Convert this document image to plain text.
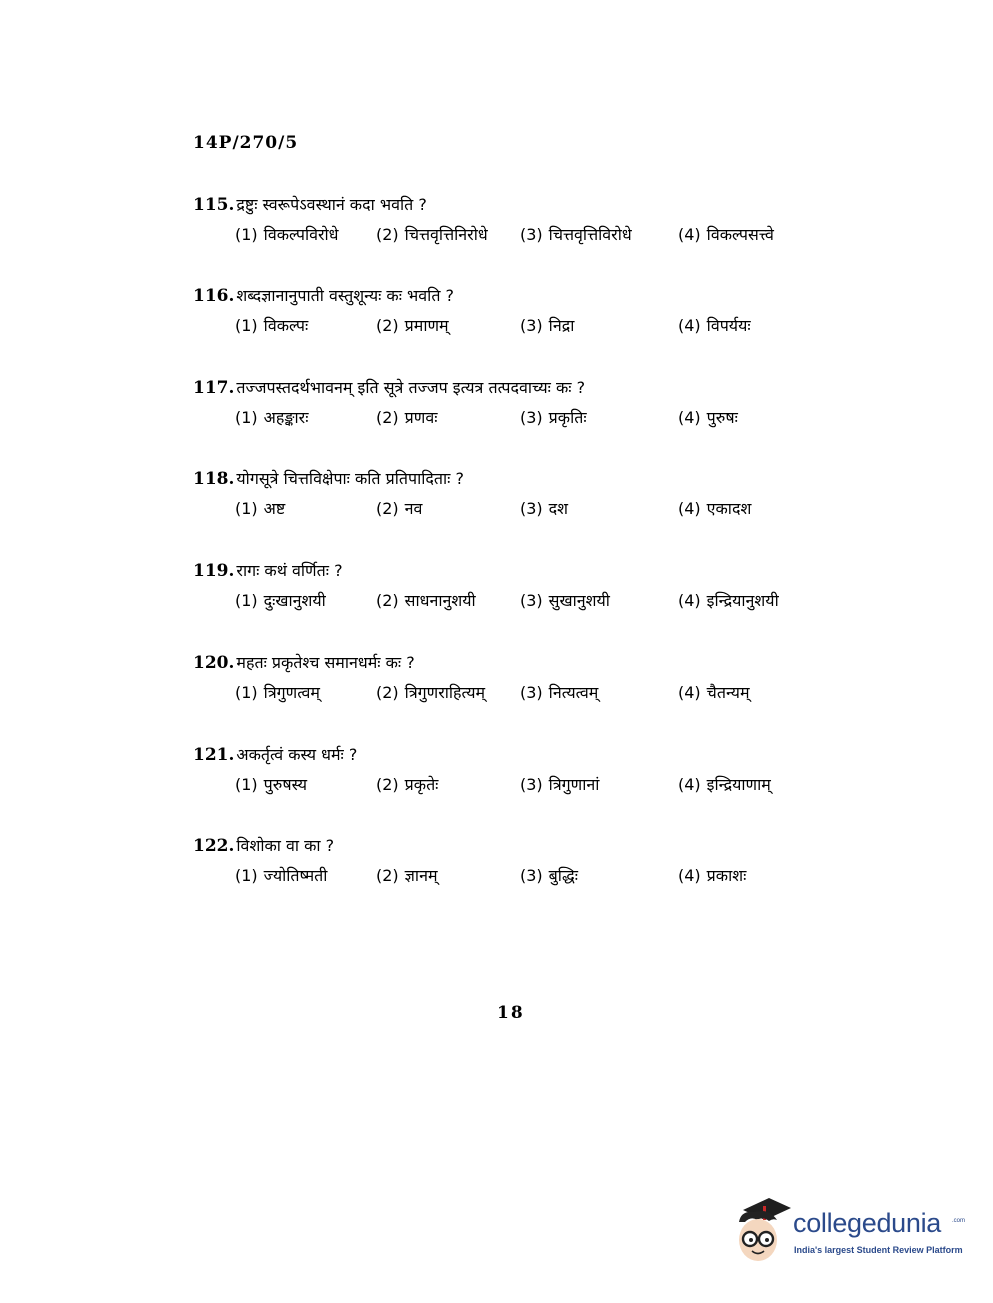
14P/270/5
115. द्रष्टुः स्वरूपेऽवस्थानं कदा भवति ?
(1) विकल्पविरोधे (2) चित्तवृत्तिनिरोधे (3) चित्तवृत्तिविरोधे	(4) विकल्पसत्त्वे
116. शब्दज्ञानानुपाती वस्तुशून्यः कः भवति ?
(1) विकल्पः	(2) प्रमाणम्	(3) निद्रा	(4) विपर्ययः
117. तज्जपस्तदर्थभावनम् इति सूत्रे तज्जप इत्यत्र तत्पदवाच्यः कः ?
(1) अहङ्कारः	(2) प्रणवः	(3) प्रकृतिः	(4) पुरुषः
118. योगसूत्रे चित्तविक्षेपाः कति प्रतिपादिताः ?
(1) अष्ट	(2) नव	(3) दश	(4) एकादश
119. रागः कथं वर्णितः ?
(1) दुःखानुशयी	(2) साधनानुशयी	(3) सुखानुशयी	(4) इन्द्रियानुशयी
120. महतः प्रकृतेश्च समानधर्मः कः ?
(1) त्रिगुणत्वम्	(2) त्रिगुणराहित्यम् (3) नित्यत्वम्	(4) चैतन्यम्
121. अकर्तृत्वं कस्य धर्मः ?
(1) पुरुषस्य	(2) प्रकृतेः	(3) त्रिगुणानां	(4) इन्द्रियाणाम्
122. विशोका वा का ?
(1) ज्योतिष्मती	(2) ज्ञानम्	(3) बुद्धिः	(4) प्रकाशः
18
collegedunia .com
India's largest Student Review Platform
